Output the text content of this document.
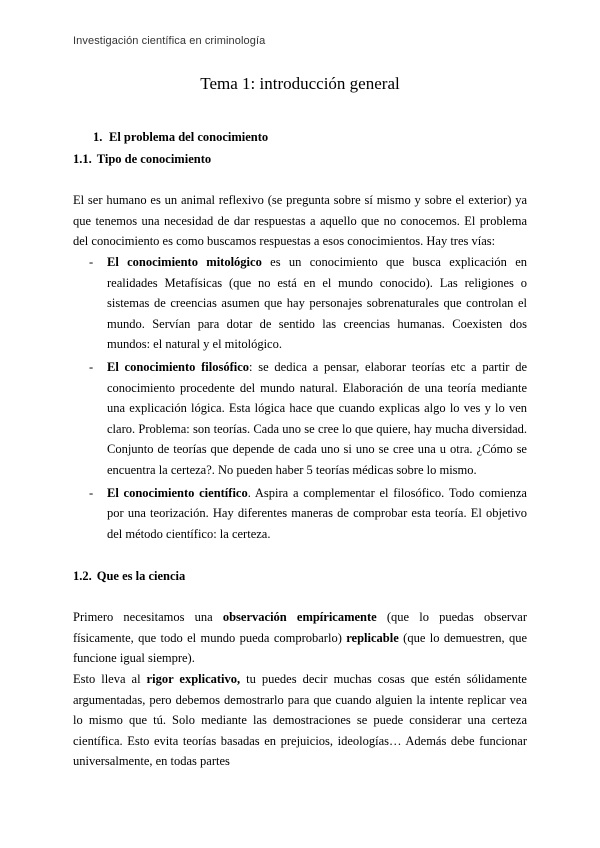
Investigación científica en criminología
Tema 1: introducción general
1. El problema del conocimiento
1.1. Tipo de conocimiento
El ser humano es un animal reflexivo (se pregunta sobre sí mismo y sobre el exterior) ya que tenemos una necesidad de dar respuestas a aquello que no conocemos. El problema del conocimiento es como buscamos respuestas a esos conocimientos. Hay tres vías:
- El conocimiento mitológico es un conocimiento que busca explicación en realidades Metafísicas (que no está en el mundo conocido). Las religiones o sistemas de creencias asumen que hay personajes sobrenaturales que controlan el mundo. Servían para dotar de sentido las creencias humanas. Coexisten dos mundos: el natural y el mitológico.
- El conocimiento filosófico: se dedica a pensar, elaborar teorías etc a partir de conocimiento procedente del mundo natural. Elaboración de una teoría mediante una explicación lógica. Esta lógica hace que cuando explicas algo lo ves y lo ven claro. Problema: son teorías. Cada uno se cree lo que quiere, hay mucha diversidad. Conjunto de teorías que depende de cada uno si uno se cree una u otra. ¿Cómo se encuentra la certeza?. No pueden haber 5 teorías médicas sobre lo mismo.
- El conocimiento científico. Aspira a complementar el filosófico. Todo comienza por una teorización. Hay diferentes maneras de comprobar esta teoría. El objetivo del método científico: la certeza.
1.2. Que es la ciencia
Primero necesitamos una observación empíricamente (que lo puedas observar físicamente, que todo el mundo pueda comprobarlo) replicable (que lo demuestren, que funcione igual siempre).
Esto lleva al rigor explicativo, tu puedes decir muchas cosas que estén sólidamente argumentadas, pero debemos demostrarlo para que cuando alguien la intente replicar vea lo mismo que tú. Solo mediante las demostraciones se puede considerar una certeza científica. Esto evita teorías basadas en prejuicios, ideologías… Además debe funcionar universalmente, en todas partes
